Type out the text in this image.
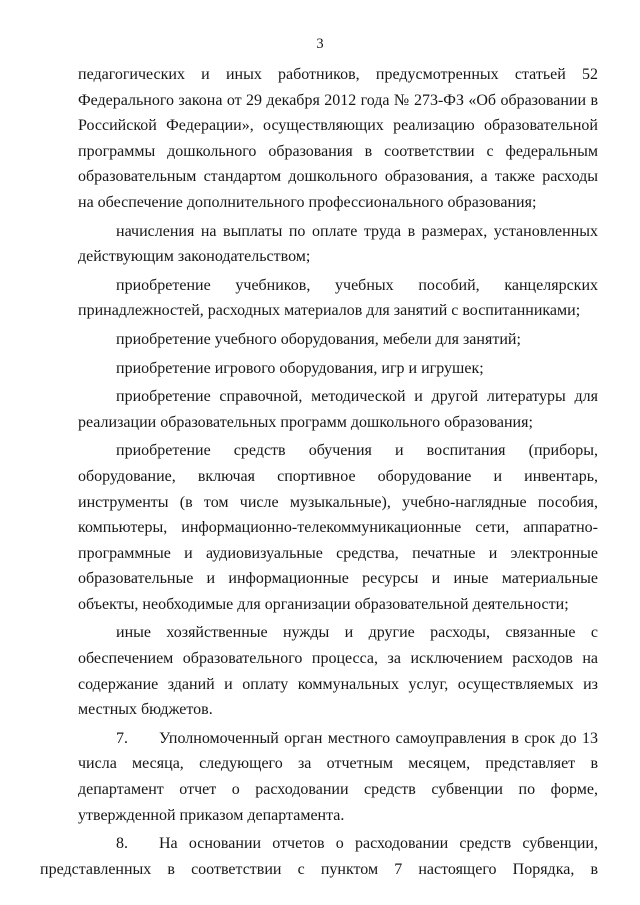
3

педагогических и иных работников, предусмотренных статьей 52 Федерального закона от 29 декабря 2012 года № 273-ФЗ «Об образовании в Российской Федерации», осуществляющих реализацию образовательной программы дошкольного образования в соответствии с федеральным образовательным стандартом дошкольного образования, а также расходы на обеспечение дополнительного профессионального образования;

начисления на выплаты по оплате труда в размерах, установленных действующим законодательством;

приобретение учебников, учебных пособий, канцелярских принадлежностей, расходных материалов для занятий с воспитанниками;

приобретение учебного оборудования, мебели для занятий;

приобретение игрового оборудования, игр и игрушек;

приобретение справочной, методической и другой литературы для реализации образовательных программ дошкольного образования;

приобретение средств обучения и воспитания (приборы, оборудование, включая спортивное оборудование и инвентарь, инструменты (в том числе музыкальные), учебно-наглядные пособия, компьютеры, информационно-телекоммуникационные сети, аппаратно-программные и аудиовизуальные средства, печатные и электронные образовательные и информационные ресурсы и иные материальные объекты, необходимые для организации образовательной деятельности;

иные хозяйственные нужды и другие расходы, связанные с обеспечением образовательного процесса, за исключением расходов на содержание зданий и оплату коммунальных услуг, осуществляемых из местных бюджетов.

7. Уполномоченный орган местного самоуправления в срок до 13 числа месяца, следующего за отчетным месяцем, представляет в департамент отчет о расходовании средств субвенции по форме, утвержденной приказом департамента.

8. На основании отчетов о расходовании средств субвенции,
представленных в соответствии с пунктом 7 настоящего Порядка, в
